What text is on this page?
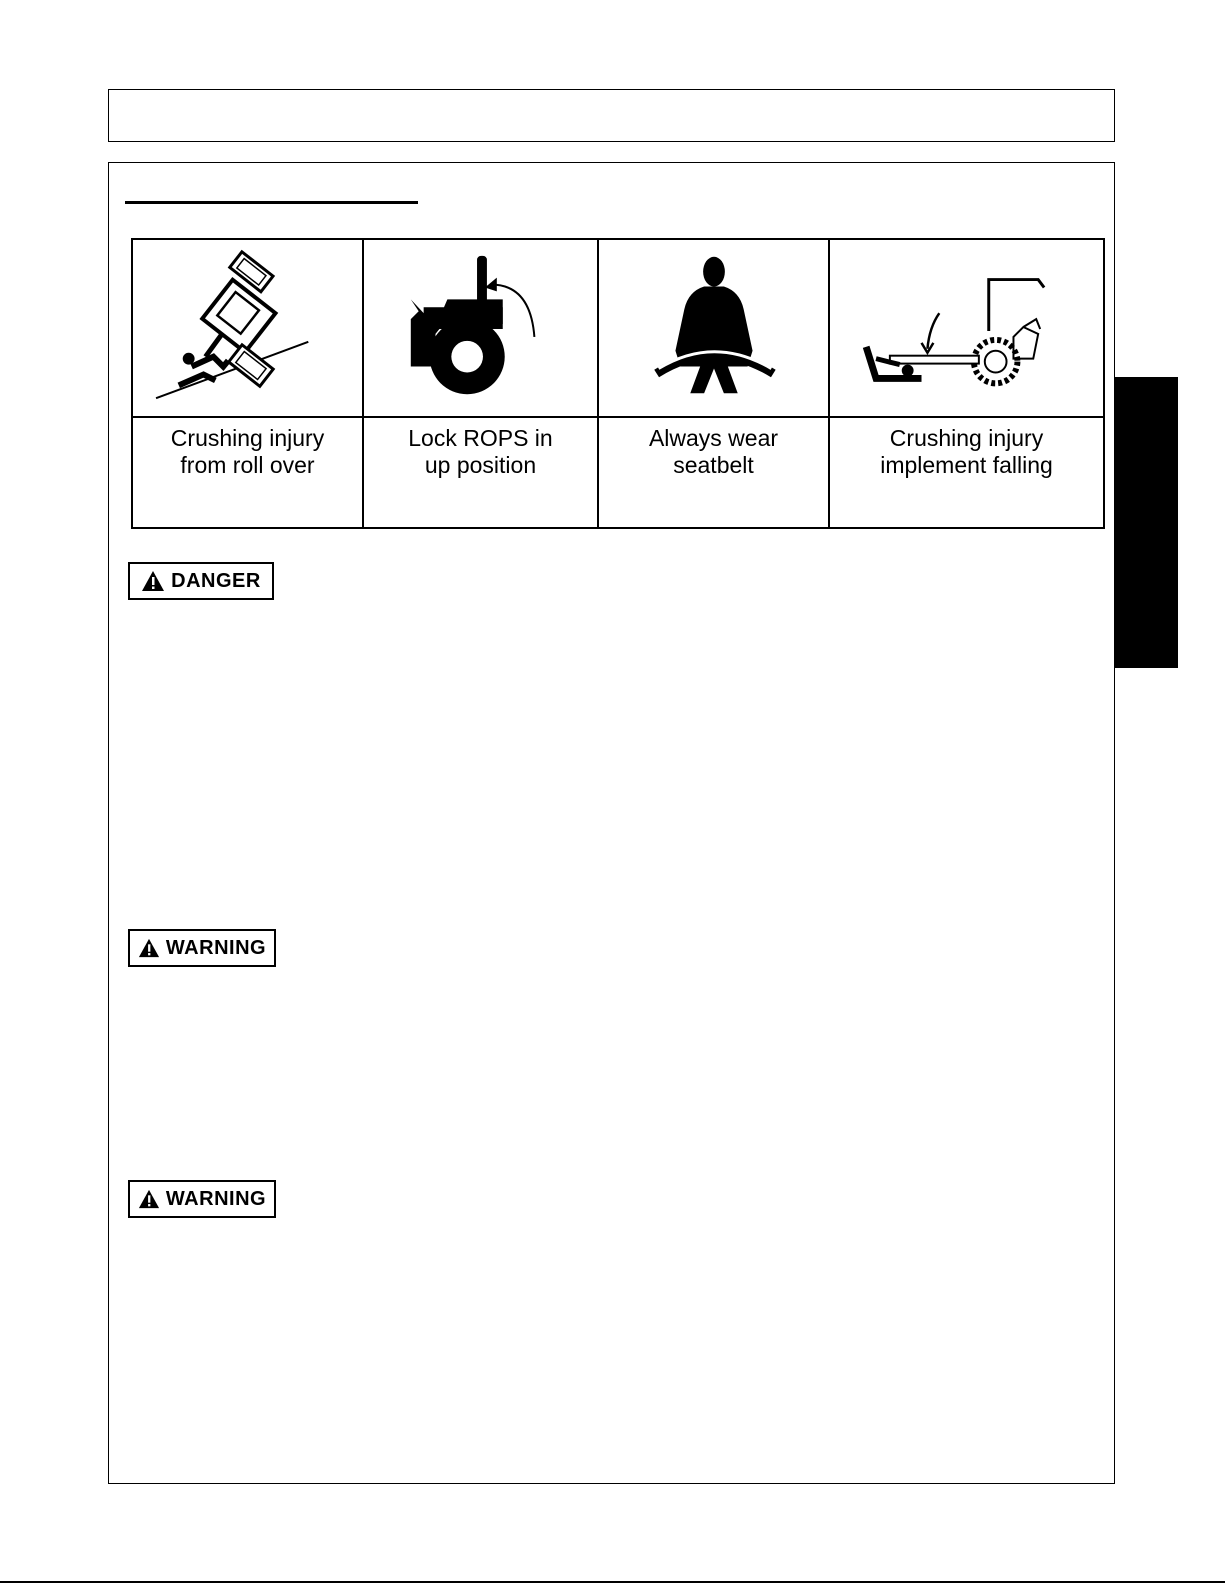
Crushing injury
from roll over
Lock ROPS in
up position
Always wear
seatbelt
Crushing injury
implement falling
DANGER
WARNING
WARNING
